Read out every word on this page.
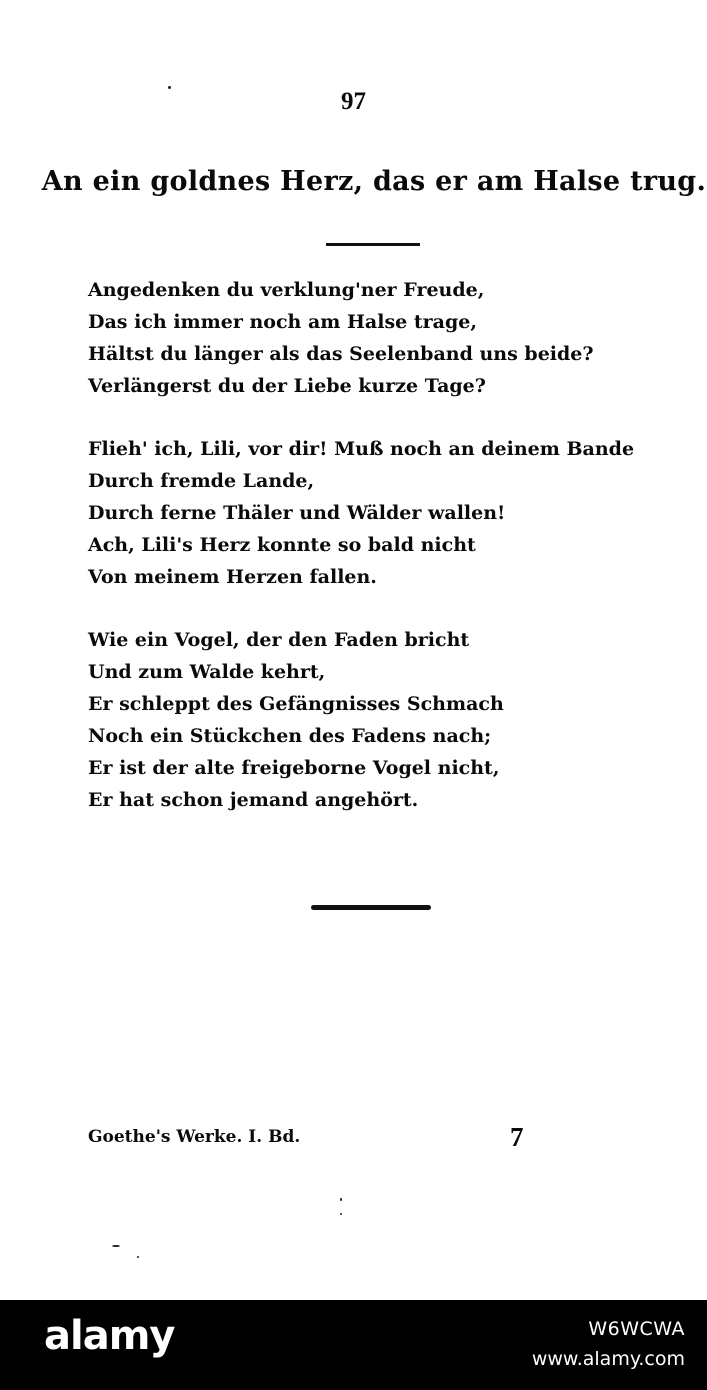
97
An ein goldnes Herz, das er am Halse trug.
Angedenken du verklung'ner Freude,
Das ich immer noch am Halse trage,
Hältst du länger als das Seelenband uns beide?
Verlängerst du der Liebe kurze Tage?
Flieh' ich, Lili, vor dir! Muß noch an deinem Bande
Durch fremde Lande,
Durch ferne Thäler und Wälder wallen!
Ach, Lili's Herz konnte so bald nicht
Von meinem Herzen fallen.
Wie ein Vogel, der den Faden bricht
Und zum Walde kehrt,
Er schleppt des Gefängnisses Schmach
Noch ein Stückchen des Fadens nach;
Er ist der alte freigeborne Vogel nicht,
Er hat schon jemand angehört.
Goethe's Werke. I. Bd.	7
alamy	W6WCWA
www.alamy.com
